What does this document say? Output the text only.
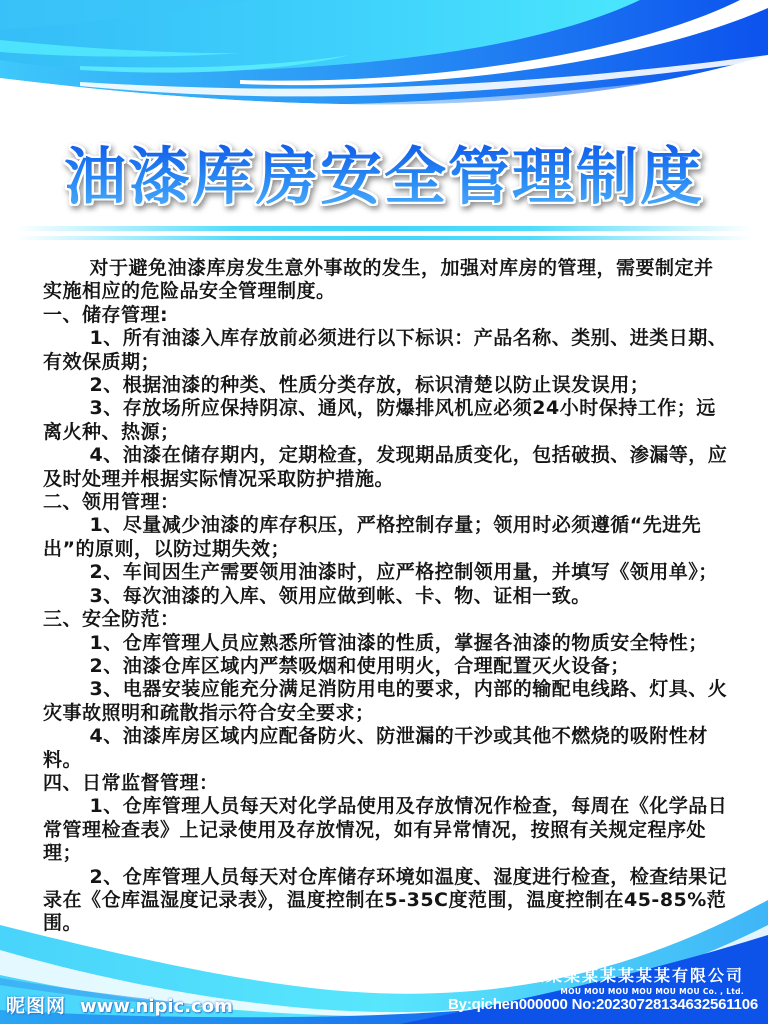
油漆库房安全管理制度

对于避免油漆库房发生意外事故的发生，加强对库房的管理，需要制定并实施相应的危险品安全管理制度。

一、储存管理:

1、所有油漆入库存放前必须进行以下标识：产品名称、类别、进类日期、有效保质期；

2、根据油漆的种类、性质分类存放，标识清楚以防止误发误用；

3、存放场所应保持阴凉、通风，防爆排风机应必须24小时保持工作；远离火种、热源；

4、油漆在储存期内，定期检查，发现期品质变化，包括破损、渗漏等，应及时处理并根据实际情况采取防护措施。

二、领用管理：

1、尽量减少油漆的库存积压，严格控制存量；领用时必须遵循“先进先出”的原则，以防过期失效；

2、车间因生产需要领用油漆时，应严格控制领用量，并填写《领用单》；

3、每次油漆的入库、领用应做到帐、卡、物、证相一致。

三、安全防范：

1、仓库管理人员应熟悉所管油漆的性质，掌握各油漆的物质安全特性；

2、油漆仓库区域内严禁吸烟和使用明火，合理配置灭火设备；

3、电器安装应能充分满足消防用电的要求，内部的输配电线路、灯具、火灾事故照明和疏散指示符合安全要求；

4、油漆库房区域内应配备防火、防泄漏的干沙或其他不燃烧的吸附性材料。

四、日常监督管理：

1、仓库管理人员每天对化学品使用及存放情况作检查，每周在《化学品日常管理检查表》上记录使用及存放情况，如有异常情况，按照有关规定程序处理；

2、仓库管理人员每天对仓库储存环境如温度、湿度进行检查，检查结果记录在《仓库温湿度记录表》，温度控制在5-35C度范围，温度控制在45-85%范围。

某某某某某某某某有限公司
MOU MOU MOU MOU MOU MOU Co. , Ltd.
By:qichen000000 No:20230728134632561106
昵图网 www.nipic.com
